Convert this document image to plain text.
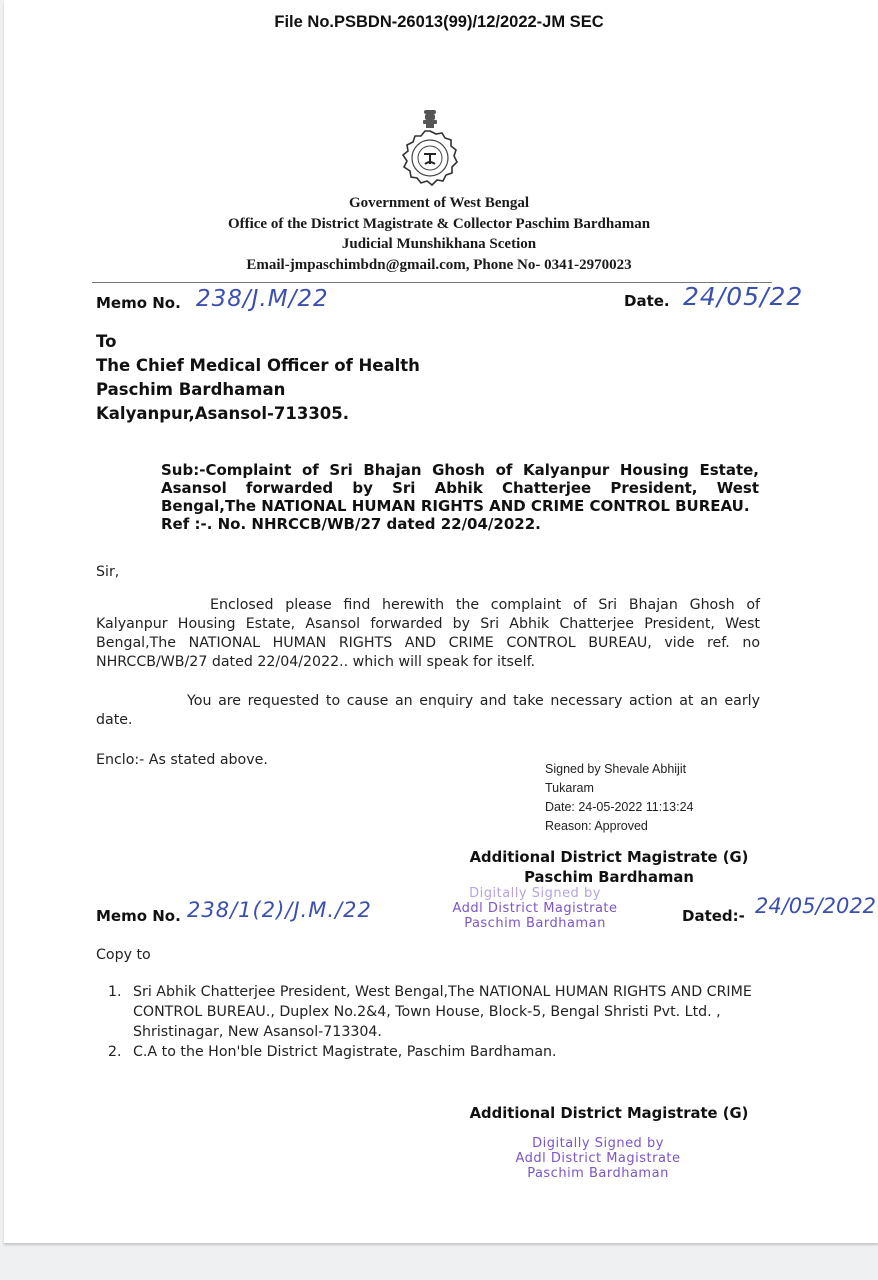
File No.PSBDN-26013(99)/12/2022-JM SEC
Government of West Bengal
Office of the District Magistrate & Collector Paschim Bardhaman
Judicial Munshikhana Scetion
Email-jmpaschimbdn@gmail.com, Phone No- 0341-2970023
Memo No. 238/J.M/22	Date. 24/05/22
To
The Chief Medical Officer of Health
Paschim Bardhaman
Kalyanpur,Asansol-713305.

Sub:-Complaint of Sri Bhajan Ghosh of Kalyanpur Housing Estate, Asansol forwarded by Sri Abhik Chatterjee President, West Bengal,The NATIONAL HUMAN RIGHTS AND CRIME CONTROL BUREAU.

Ref :-. No. NHRCCB/WB/27 dated 22/04/2022.

Sir,
Enclosed please find herewith the complaint of Sri Bhajan Ghosh of Kalyanpur Housing Estate, Asansol forwarded by Sri Abhik Chatterjee President, West Bengal,The NATIONAL HUMAN RIGHTS AND CRIME CONTROL BUREAU, vide ref. no NHRCCB/WB/27 dated 22/04/2022.. which will speak for itself.
You are requested to cause an enquiry and take necessary action at an early date.
Enclo:- As stated above.
Signed by Shevale Abhijit
Tukaram
Date: 24-05-2022 11:13:24
Reason: Approved
Additional District Magistrate (G)
Paschim Bardhaman
Digitally Signed by
Addl District Magistrate
Paschim Bardhaman
Memo No. 238/1(2)/J.M./22	Dated:- 24/05/2022
Copy to
1. Sri Abhik Chatterjee President, West Bengal,The NATIONAL HUMAN RIGHTS AND CRIME CONTROL BUREAU., Duplex No.2&4, Town House, Block-5, Bengal Shristi Pvt. Ltd. , Shristinagar, New Asansol-713304.
2. C.A to the Hon'ble District Magistrate, Paschim Bardhaman.
Additional District Magistrate (G)
Digitally Signed by
Addl District Magistrate
Paschim Bardhaman
